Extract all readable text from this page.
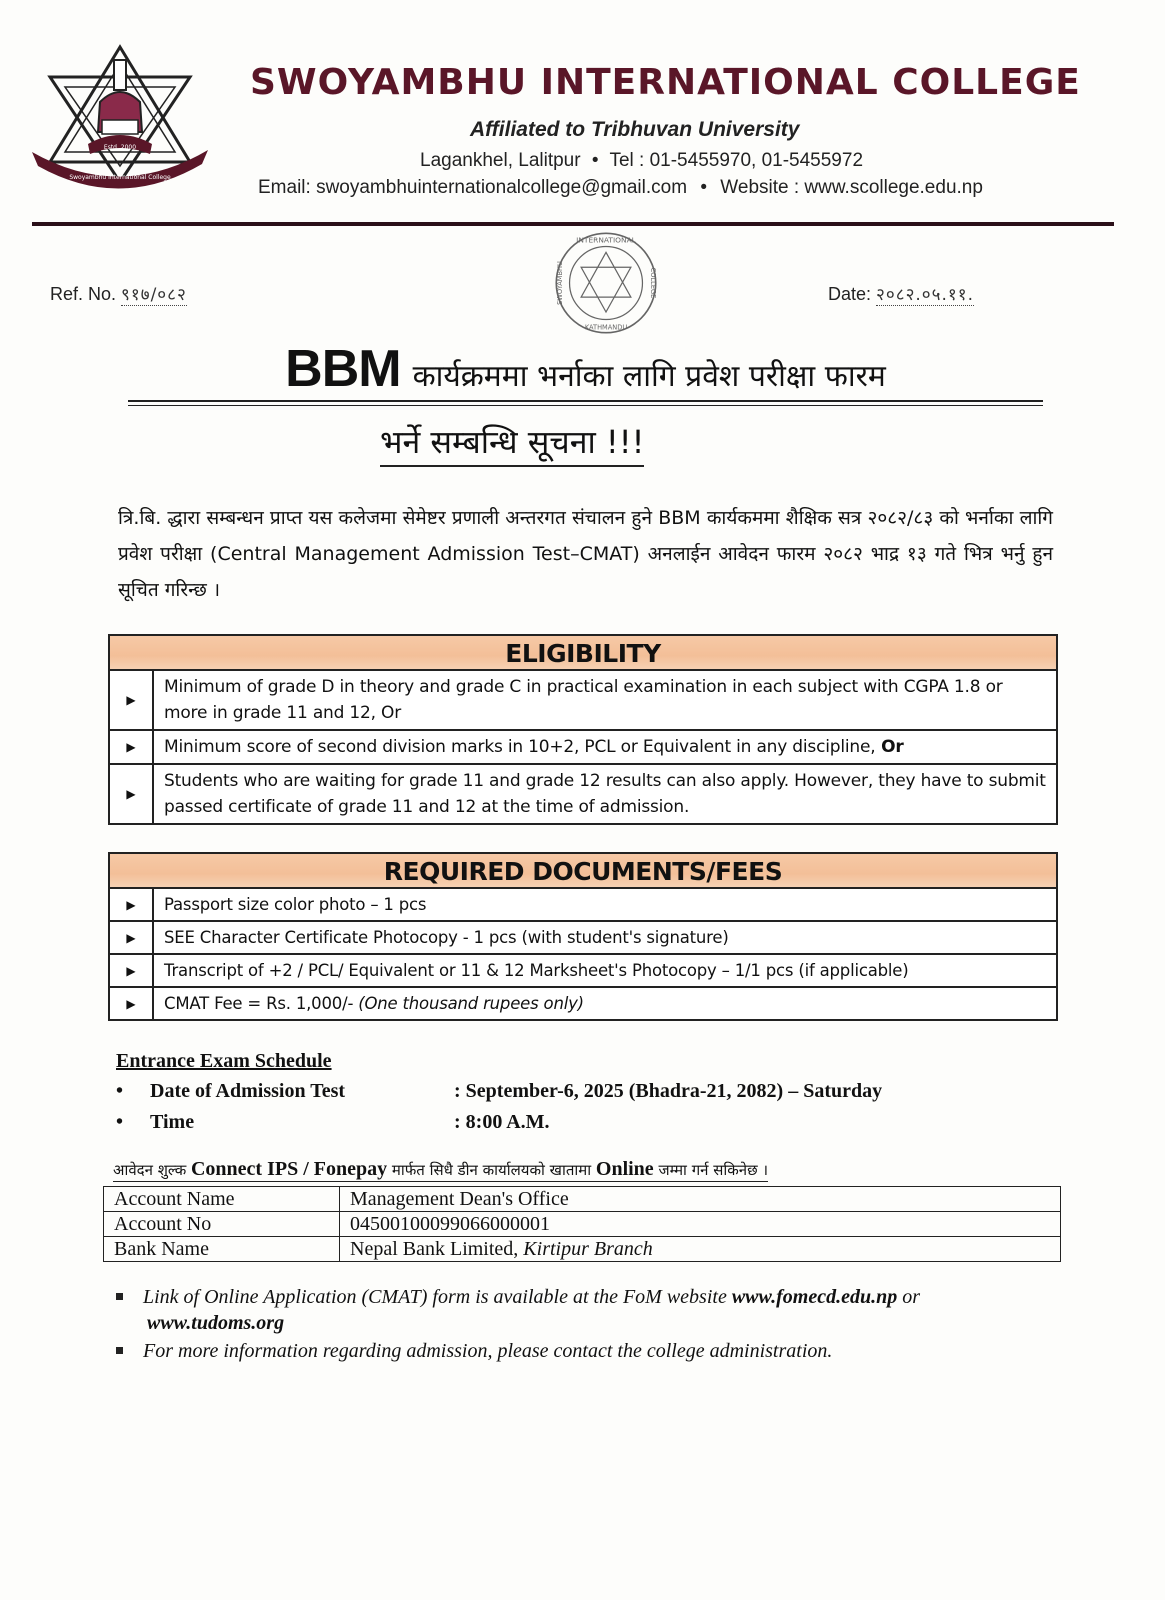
Estd. 2000
Swoyambhu International College
SWOYAMBHU INTERNATIONAL COLLEGE
Affiliated to Tribhuvan University
Lagankhel, Lalitpur • Tel : 01-5455970, 01-5455972
Email: swoyambhuinternationalcollege@gmail.com • Website : www.scollege.edu.np
INTERNATIONAL
KATHMANDU
SWOYAMBHU	COLLEGE
Ref. No. ९१७/०८२	Date: २०८२.०५.११.
BBM कार्यक्रममा भर्नाका लागि प्रवेश परीक्षा फारम
भर्ने सम्बन्धि सूचना !!!
त्रि.बि. द्धारा सम्बन्धन प्राप्त यस कलेजमा सेमेष्टर प्रणाली अन्तरगत संचालन हुने BBM कार्यकममा शैक्षिक सत्र २०८२/८३ को भर्नाका लागि प्रवेश परीक्षा (Central Management Admission Test–CMAT) अनलाईन आवेदन फारम २०८२ भाद्र १३ गते भित्र भर्नु हुन सूचित गरिन्छ ।
ELIGIBILITY
▶
Minimum of grade D in theory and grade C in practical examination in each subject with CGPA 1.8 or more in grade 11 and 12, Or
▶	Minimum score of second division marks in 10+2, PCL or Equivalent in any discipline, Or
▶
Students who are waiting for grade 11 and grade 12 results can also apply. However, they have to submit passed certificate of grade 11 and 12 at the time of admission.
REQUIRED DOCUMENTS/FEES
▶	Passport size color photo – 1 pcs
▶	SEE Character Certificate Photocopy - 1 pcs (with student's signature)
▶	Transcript of +2 / PCL/ Equivalent or 11 & 12 Marksheet's Photocopy – 1/1 pcs (if applicable)
▶	CMAT Fee = Rs. 1,000/- (One thousand rupees only)
Entrance Exam Schedule
• Date of Admission Test	: September-6, 2025 (Bhadra-21, 2082) – Saturday
• Time	: 8:00 A.M.
आवेदन शुल्क Connect IPS / Fonepay मार्फत सिधै डीन कार्यालयको खातामा Online जम्मा गर्न सकिनेछ ।
Account Name	Management Dean's Office
Account No	04500100099066000001
Bank Name	Nepal Bank Limited, Kirtipur Branch
Link of Online Application (CMAT) form is available at the FoM website www.fomecd.edu.np or
www.tudoms.org
For more information regarding admission, please contact the college administration.
